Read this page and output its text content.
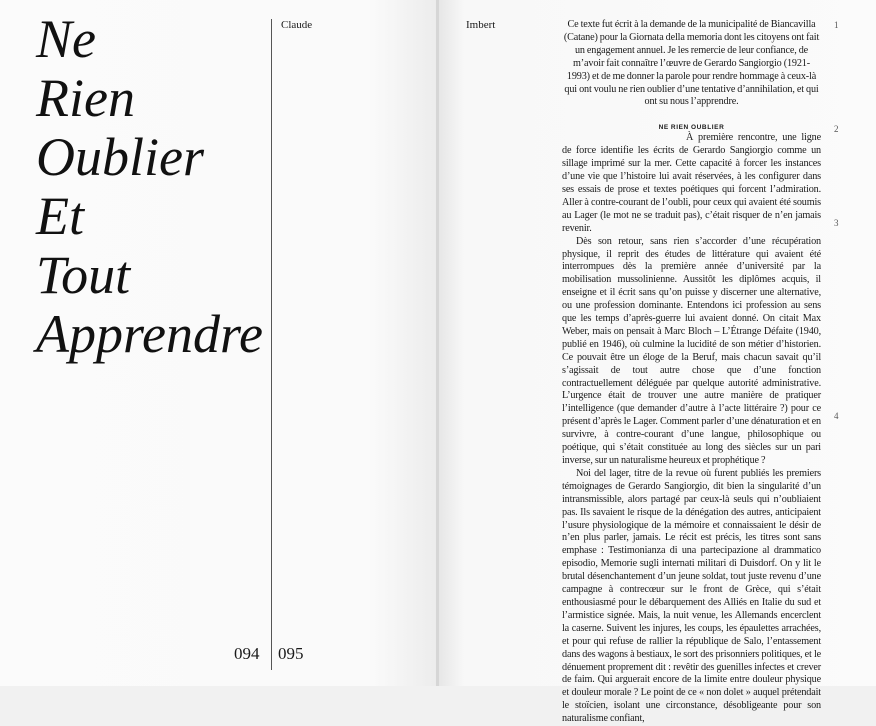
Ne
Rien
Oublier
Et
Tout
Apprendre
Claude	Imbert
094 095

Ce texte fut écrit à la demande de la municipalité de Biancavilla (Catane) pour la Giornata della memoria dont les citoyens ont fait un engagement annuel. Je les remercie de leur confiance, de m’avoir fait connaître l’œuvre de Gerardo Sangiorgio (1921-1993) et de me donner la parole pour rendre hommage à ceux-là qui ont voulu ne rien oublier d’une tentative d’annihilation, et qui ont su nous l’apprendre.

NE RIEN OUBLIER

À première rencontre, une ligne de force identifie les écrits de Gerardo Sangiorgio comme un sillage imprimé sur la mer. Cette capacité à forcer les instances d’une vie que l’histoire lui avait réservées, à les configurer dans ses essais de prose et textes poétiques qui forcent l’admiration. Aller à contre-courant de l’oubli, pour ceux qui avaient été soumis au Lager (le mot ne se traduit pas), c’était risquer de n’en jamais revenir.

Dès son retour, sans rien s’accorder d’une récupération physique, il reprit des études de littérature qui avaient été interrompues dès la première année d’université par la mobilisation mussolinienne. Aussitôt les diplômes acquis, il enseigne et il écrit sans qu’on puisse y discerner une alternative, ou une profession dominante. Entendons ici profession au sens que les temps d’après-guerre lui avaient donné. On citait Max Weber, mais on pensait à Marc Bloch – L’Étrange Défaite (1940, publié en 1946), où culmine la lucidité de son métier d’historien. Ce pouvait être un éloge de la Beruf, mais chacun savait qu’il s’agissait de tout autre chose que d’une fonction contractuellement déléguée par quelque autorité administrative. L’urgence était de trouver une autre manière de pratiquer l’intelligence (que demander d’autre à l’acte littéraire ?) pour ce présent d’après le Lager. Comment parler d’une dénaturation et en survivre, à contre-courant d’une langue, philosophique ou poétique, qui s’était constituée au long des siècles sur un pari inverse, sur un naturalisme heureux et prophétique ?

Noi del lager, titre de la revue où furent publiés les premiers témoignages de Gerardo Sangiorgio, dit bien la singularité d’un intransmissible, alors partagé par ceux-là seuls qui n’oubliaient pas. Ils savaient le risque de la dénégation des autres, anticipaient l’usure physiologique de la mémoire et connaissaient le désir de n’en plus parler, jamais. Le récit est précis, les titres sont sans emphase : Testimonianza di una partecipazione al drammatico episodio, Memorie sugli internati militari di Duisdorf. On y lit le brutal désenchantement d’un jeune soldat, tout juste revenu d’une campagne à contrecœur sur le front de Grèce, qui s’était enthousiasmé pour le débarquement des Alliés en Italie du sud et l’armistice signée. Mais, la nuit venue, les Allemands encerclent la caserne. Suivent les injures, les coups, les épaulettes arrachées, et pour qui refuse de rallier la république de Salo, l’entassement dans des wagons à bestiaux, le sort des prisonniers politiques, et le dénuement proprement dit : revêtir des guenilles infectes et crever de faim. Qui arguerait encore de la limite entre douleur physique et douleur morale ? Le point de ce « non dolet » auquel prétendait le stoïcien, isolant une circonstance, désobligeante pour son naturalisme confiant,

1
2
3
4
